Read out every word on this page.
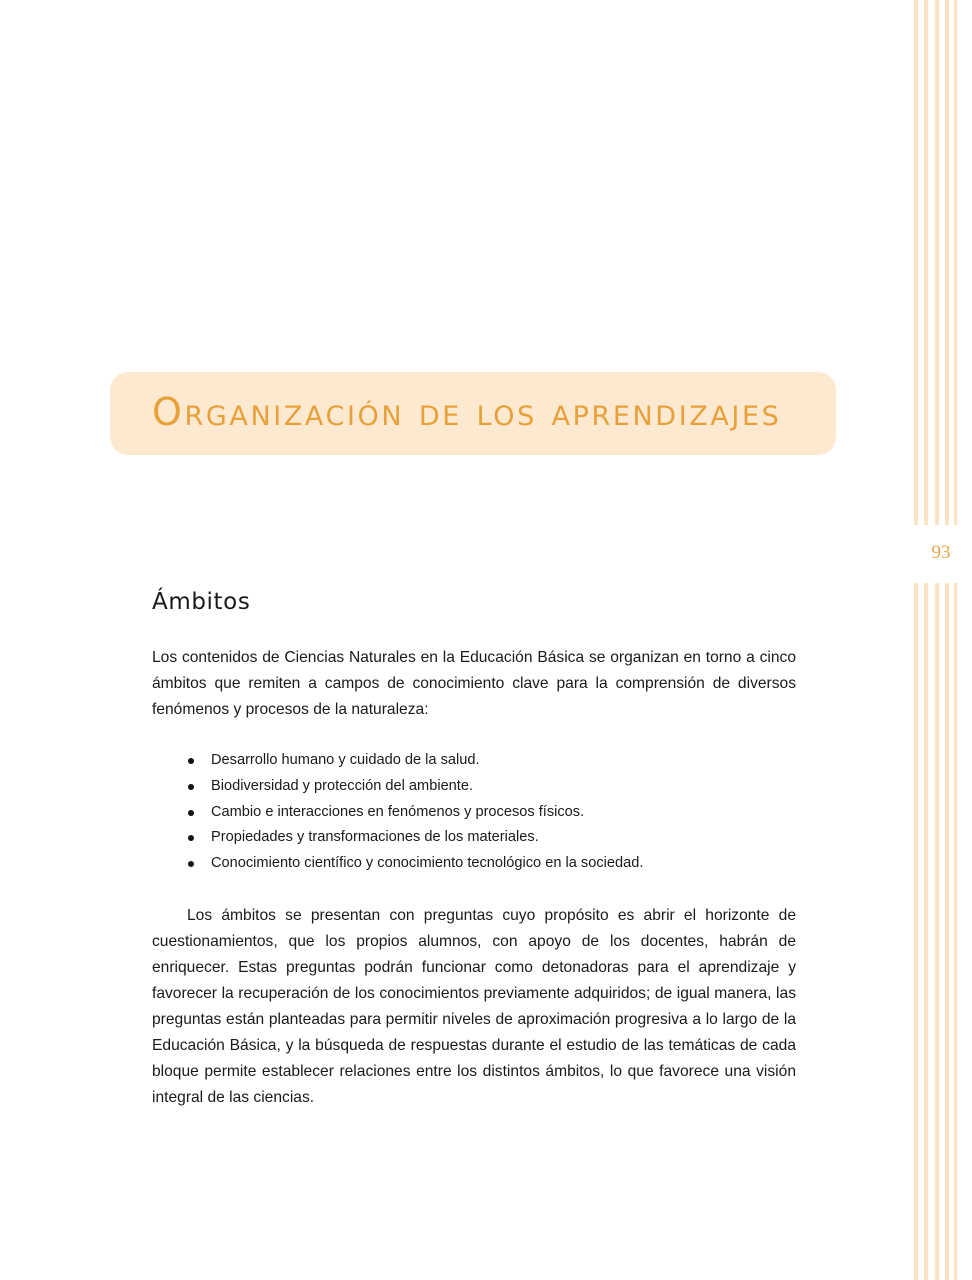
93
Organización de los aprendizajes
Ámbitos

Los contenidos de Ciencias Naturales en la Educación Básica se organizan en torno a cinco ámbitos que remiten a campos de conocimiento clave para la comprensión de diversos fenómenos y procesos de la naturaleza:

Desarrollo humano y cuidado de la salud.
Biodiversidad y protección del ambiente.
Cambio e interacciones en fenómenos y procesos físicos.
Propiedades y transformaciones de los materiales.
Conocimiento científico y conocimiento tecnológico en la sociedad.

Los ámbitos se presentan con preguntas cuyo propósito es abrir el horizonte de cuestionamientos, que los propios alumnos, con apoyo de los docentes, habrán de enriquecer. Estas preguntas podrán funcionar como detonadoras para el aprendizaje y favorecer la recuperación de los conocimientos previamente adquiridos; de igual manera, las preguntas están planteadas para permitir niveles de aproximación progresiva a lo largo de la Educación Básica, y la búsqueda de respuestas durante el estudio de las temáticas de cada bloque permite establecer relaciones entre los distintos ámbitos, lo que favorece una visión integral de las ciencias.
